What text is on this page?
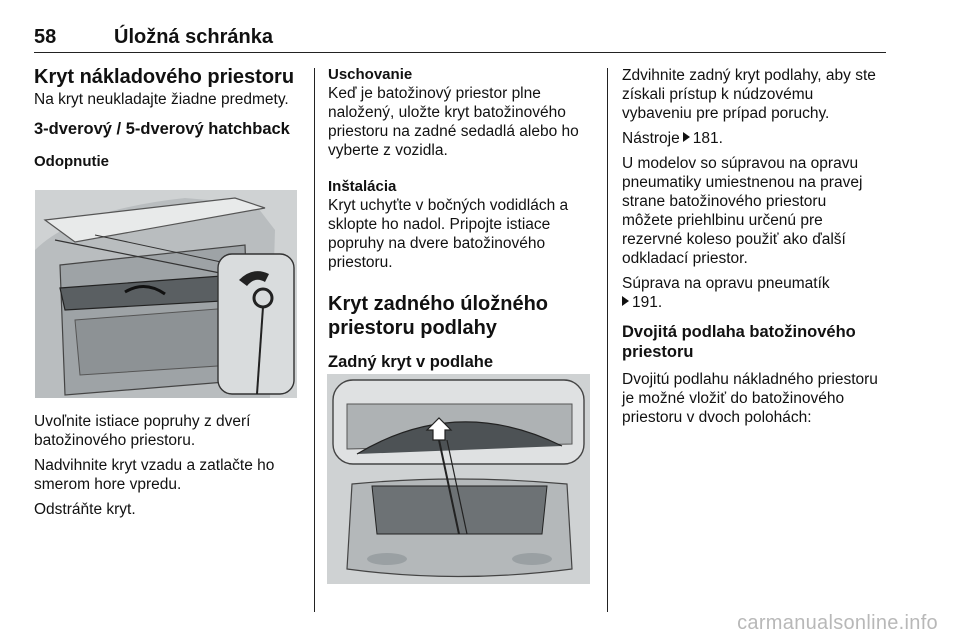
58	Úložná schránka
Kryt nákladového priestoru
Na kryt neukladajte žiadne predmety.
3-dverový / 5-dverový hatchback
Odopnutie
Uvoľnite istiace popruhy z dverí
batožinového priestoru.
Nadvihnite kryt vzadu a zatlačte ho
smerom hore vpredu.
Odstráňte kryt.
Uschovanie
Keď je batožinový priestor plne
naložený, uložte kryt batožinového
priestoru na zadné sedadlá alebo ho
vyberte z vozidla.
Inštalácia
Kryt uchyťte v bočných vodidlách a
sklopte ho nadol. Pripojte istiace
popruhy na dvere batožinového
priestoru.
Kryt zadného úložného
priestoru podlahy
Zadný kryt v podlahe
Zdvihnite zadný kryt podlahy, aby ste
získali prístup k núdzovému
vybaveniu pre prípad poruchy.
Nástroje 181.
U modelov so súpravou na opravu
pneumatiky umiestnenou na pravej
strane batožinového priestoru
môžete priehlbinu určenú pre
rezervné koleso použiť ako ďalší
odkladací priestor.
Súprava na opravu pneumatík
191.
Dvojitá podlaha batožinového
priestoru
Dvojitú podlahu nákladného priestoru
je možné vložiť do batožinového
priestoru v dvoch polohách:
carmanualsonline.info
